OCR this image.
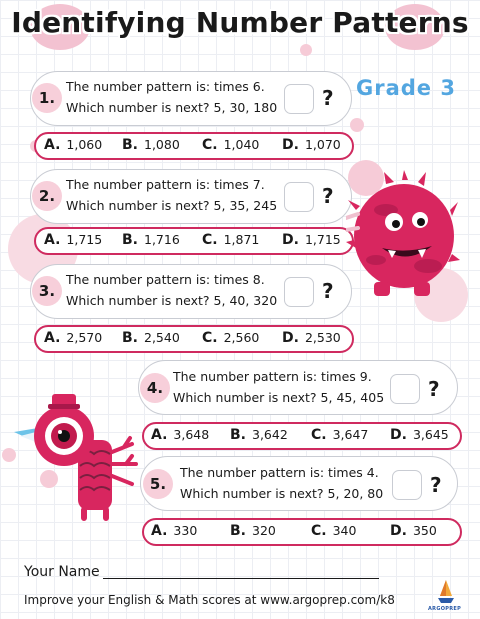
Identifying Number Patterns
Grade 3
1.
The number pattern is: times 6.
Which number is next? 5, 30, 180 ?
A. 1,060 B. 1,080 C. 1,040 D. 1,070
2.
The number pattern is: times 7.
Which number is next? 5, 35, 245 ?
A. 1,715 B. 1,716 C. 1,871 D. 1,715
3.
The number pattern is: times 8.
Which number is next? 5, 40, 320 ?
A. 2,570 B. 2,540 C. 2,560 D. 2,530
4.
The number pattern is: times 9.
Which number is next? 5, 45, 405 ?
A. 3,648 B. 3,642 C. 3,647 D. 3,645
5.
The number pattern is: times 4.
Which number is next? 5, 20, 80 ?
A. 330 B. 320	C. 340 D. 350
Your Name
Improve your English & Math scores at www.argoprep.com/k8
ARGOPREP
